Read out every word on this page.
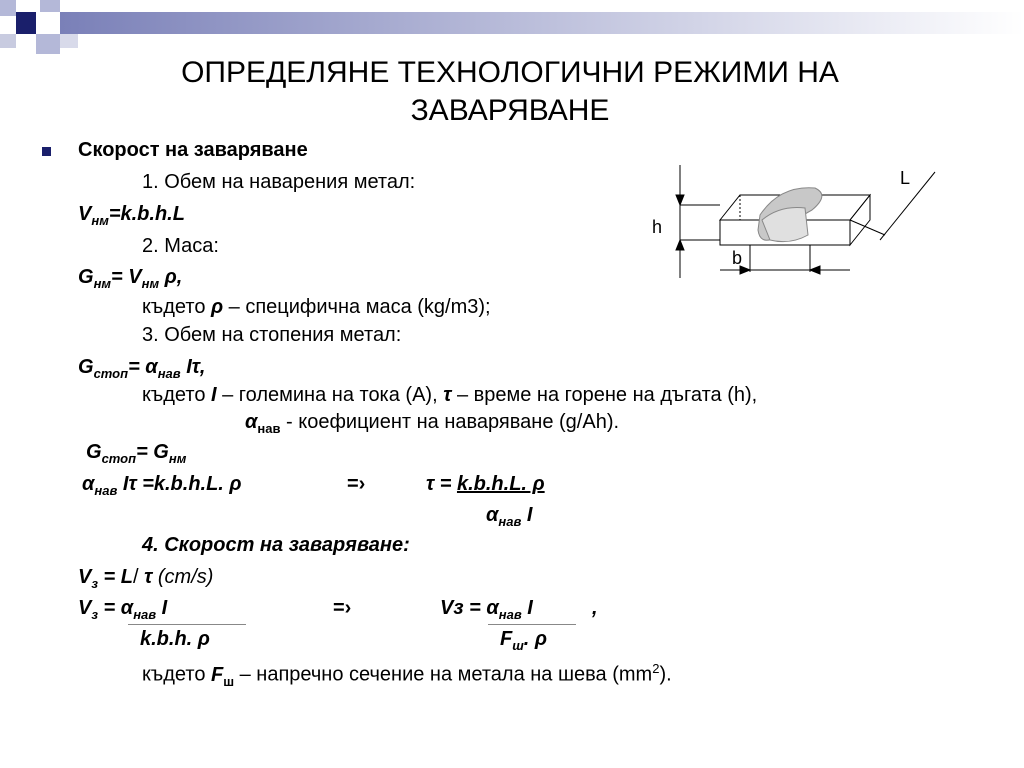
ОПРЕДЕЛЯНЕ ТЕХНОЛОГИЧНИ РЕЖИМИ НА
ЗАВАРЯВАНЕ
Скорост на заваряване
1. Обем на наварения метал:
$V_{нм}=k.b.h.L$
2. Маса:
$G_{нм}= V_{нм}$ ρ,
където ρ – специфична маса (kg/m3);
3. Обем на стопения метал:
$G_{стоп}= \alpha_{нав}$ Iτ,
където I – големина на тока (A), τ – време на горене на дъгата (h),
$\alpha_{нав}$ - коефициент на наваряване (g/Ah).
$G_{стоп}= G_{нм}$
$\alpha_{нав}$ Iτ =k.b.h.L. ρ	=›	τ = k.b.h.L. ρ
$\alpha_{нав}$ I
4. Скорост на заваряване:
$V_з = L/$ τ (cm/s)
$V_з = \alpha_{нав}$ I	=›	Vз = $\alpha_{нав}$ I	,
k.b.h. ρ	$F_ш$. ρ
където $F_ш$ – напречно сечение на метала на шева $(mm^2)$.
L
h
b
